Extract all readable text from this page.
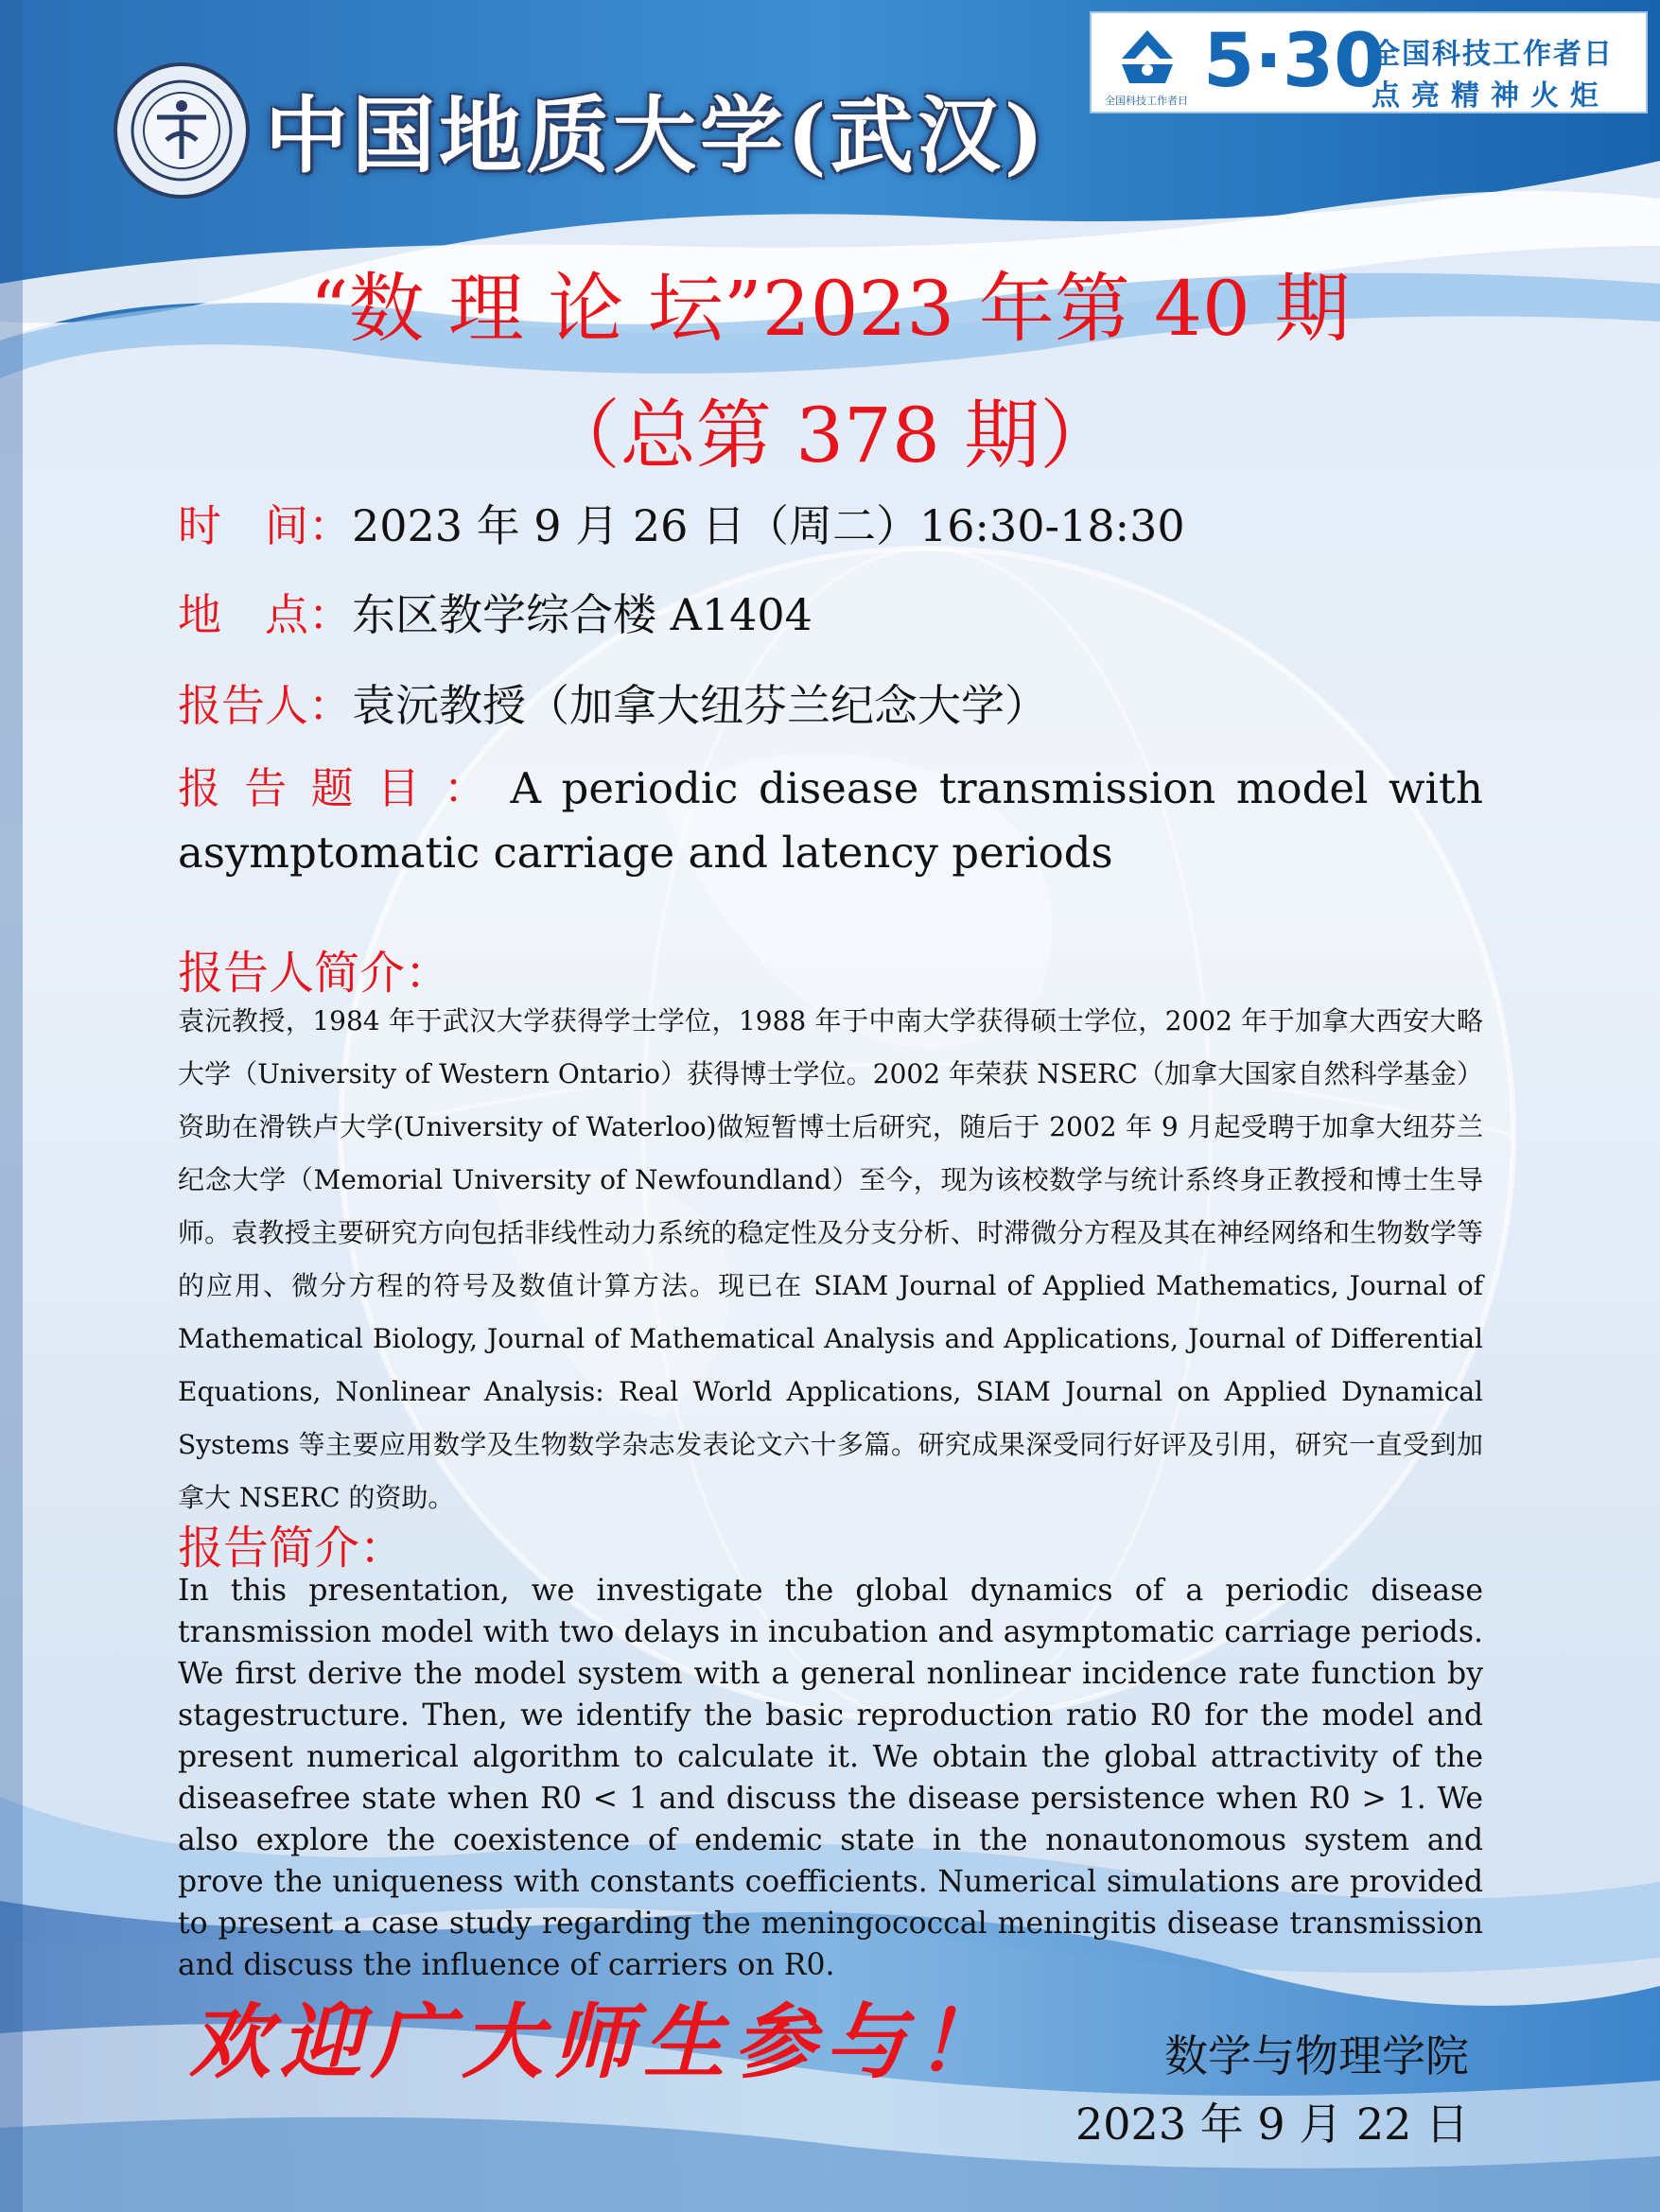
中国地质大学(武汉)	全国科技工作者日 5·30
全国科技工作者日
点亮精神火炬
“数 理 论 坛”2023 年第 40 期
（总第 378 期）
时　间：2023 年 9 月 26 日（周二）16:30-18:30
地　点：东区教学综合楼 A1404
报告人：袁沅教授（加拿大纽芬兰纪念大学）
报告题目：A periodic disease transmission model with asymptomatic carriage and latency periods
报告人简介：
袁沅教授，1984 年于武汉大学获得学士学位，1988 年于中南大学获得硕士学位，2002 年于加拿大西安大略大学（University of Western Ontario）获得博士学位。2002 年荣获 NSERC（加拿大国家自然科学基金）资助在滑铁卢大学(University of Waterloo)做短暂博士后研究，随后于 2002 年 9 月起受聘于加拿大纽芬兰纪念大学（Memorial University of Newfoundland）至今，现为该校数学与统计系终身正教授和博士生导师。袁教授主要研究方向包括非线性动力系统的稳定性及分支分析、时滞微分方程及其在神经网络和生物数学等的应用、微分方程的符号及数值计算方法。现已在 SIAM Journal of Applied Mathematics, Journal of Mathematical Biology, Journal of Mathematical Analysis and Applications, Journal of Differential Equations, Nonlinear Analysis: Real World Applications, SIAM Journal on Applied Dynamical Systems 等主要应用数学及生物数学杂志发表论文六十多篇。研究成果深受同行好评及引用，研究一直受到加拿大 NSERC 的资助。
报告简介：
In this presentation, we investigate the global dynamics of a periodic disease transmission model with two delays in incubation and asymptomatic carriage periods. We first derive the model system with a general nonlinear incidence rate function by stagestructure. Then, we identify the basic reproduction ratio R0 for the model and present numerical algorithm to calculate it. We obtain the global attractivity of the diseasefree state when R0 < 1 and discuss the disease persistence when R0 > 1. We also explore the coexistence of endemic state in the nonautonomous system and prove the uniqueness with constants coefficients. Numerical simulations are provided to present a case study regarding the meningococcal meningitis disease transmission and discuss the influence of carriers on R0.
欢迎广大师生参与！	数学与物理学院
2023 年 9 月 22 日
